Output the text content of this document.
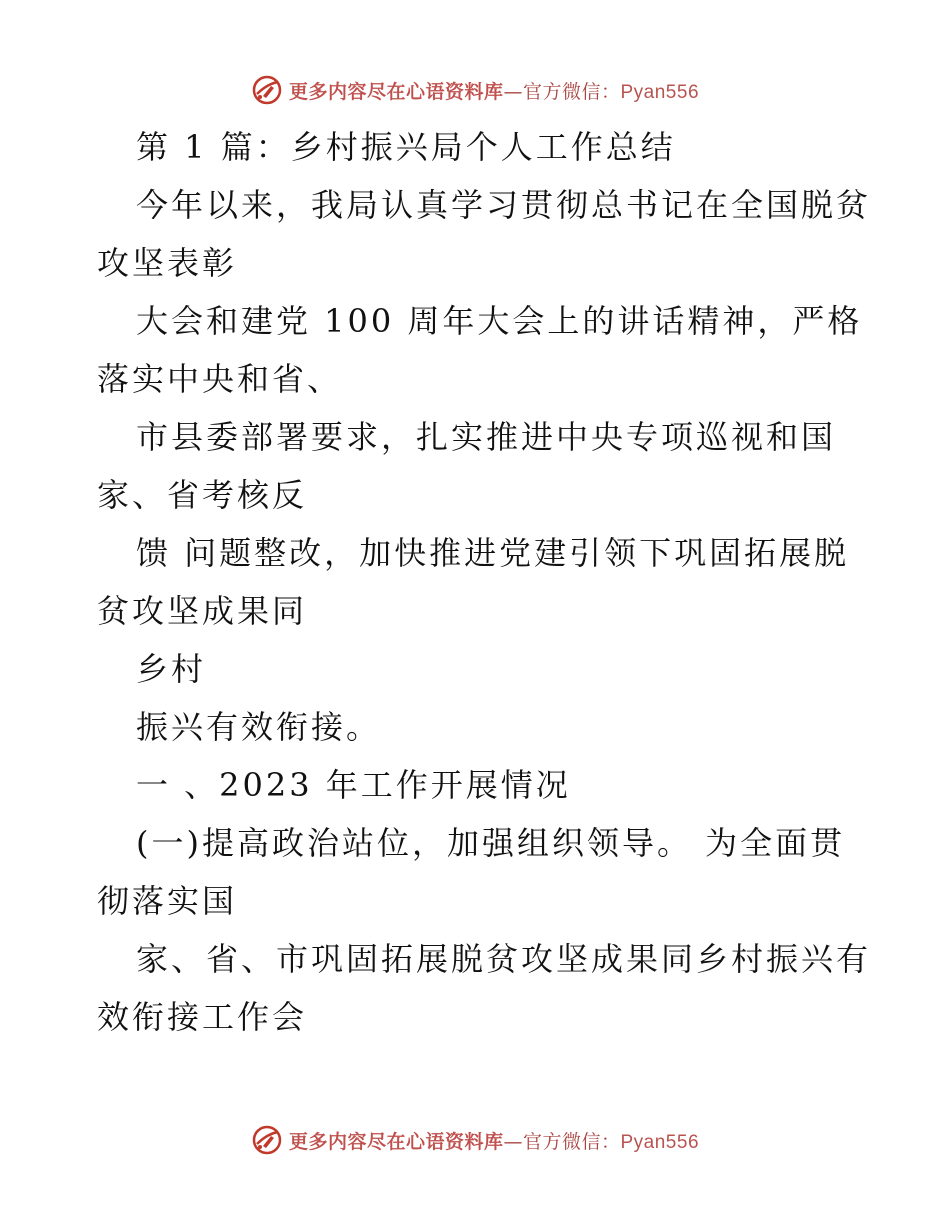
更多内容尽在心语资料库—官方微信：Pyan556
第 1 篇：乡村振兴局个人工作总结
今年以来，我局认真学习贯彻总书记在全国脱贫
攻坚表彰
大会和建党 100 周年大会上的讲话精神，严格
落实中央和省、
市县委部署要求，扎实推进中央专项巡视和国
家、省考核反
馈 问题整改，加快推进党建引领下巩固拓展脱
贫攻坚成果同
乡村
振兴有效衔接。
一 、2023 年工作开展情况
(一)提高政治站位，加强组织领导。 为全面贯
彻落实国
家、省、市巩固拓展脱贫攻坚成果同乡村振兴有
效衔接工作会
更多内容尽在心语资料库—官方微信：Pyan556
